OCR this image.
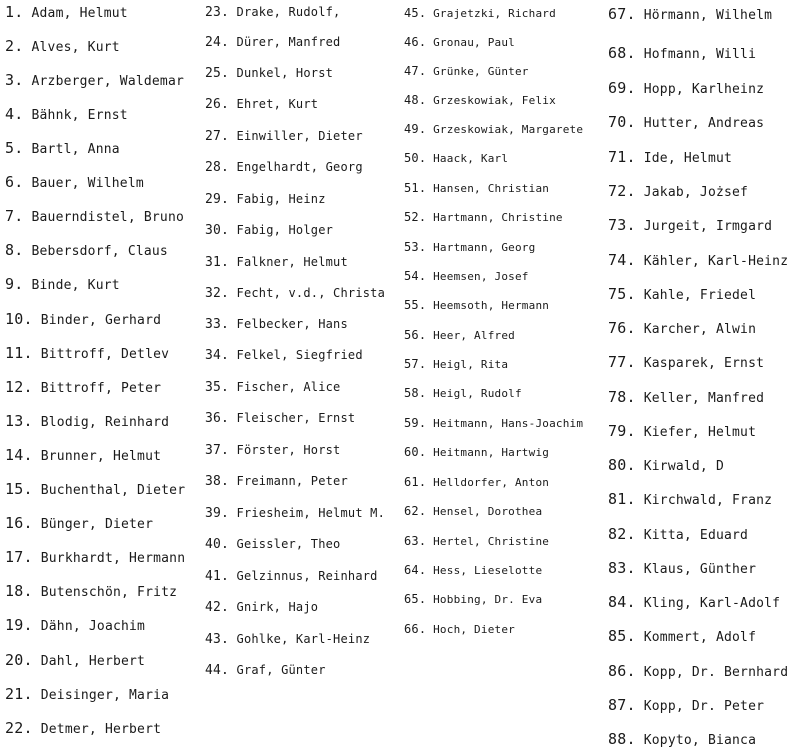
1. Adam, Helmut
2. Alves, Kurt
3. Arzberger, Waldemar
4. Bähnk, Ernst
5. Bartl, Anna
6. Bauer, Wilhelm
7. Bauerndistel, Bruno
8. Bebersdorf, Claus
9. Binde, Kurt
10. Binder, Gerhard
11. Bittroff, Detlev
12. Bittroff, Peter
13. Blodig, Reinhard
14. Brunner, Helmut
15. Buchenthal, Dieter
16. Bünger, Dieter
17. Burkhardt, Hermann
18. Butenschön, Fritz
19. Dähn, Joachim
20. Dahl, Herbert
21. Deisinger, Maria
22. Detmer, Herbert
23. Drake, Rudolf,
24. Dürer, Manfred
25. Dunkel, Horst
26. Ehret, Kurt
27. Einwiller, Dieter
28. Engelhardt, Georg
29. Fabig, Heinz
30. Fabig, Holger
31. Falkner, Helmut
32. Fecht, v.d., Christa
33. Felbecker, Hans
34. Felkel, Siegfried
35. Fischer, Alice
36. Fleischer, Ernst
37. Förster, Horst
38. Freimann, Peter
39. Friesheim, Helmut M.
40. Geissler, Theo
41. Gelzinnus, Reinhard
42. Gnirk, Hajo
43. Gohlke, Karl-Heinz
44. Graf, Günter
45. Grajetzki, Richard
46. Gronau, Paul
47. Grünke, Günter
48. Grzeskowiak, Felix
49. Grzeskowiak, Margarete
50. Haack, Karl
51. Hansen, Christian
52. Hartmann, Christine
53. Hartmann, Georg
54. Heemsen, Josef
55. Heemsoth, Hermann
56. Heer, Alfred
57. Heigl, Rita
58. Heigl, Rudolf
59. Heitmann, Hans-Joachim
60. Heitmann, Hartwig
61. Helldorfer, Anton
62. Hensel, Dorothea
63. Hertel, Christine
64. Hess, Lieselotte
65. Hobbing, Dr. Eva
66. Hoch, Dieter
67. Hörmann, Wilhelm
68. Hofmann, Willi
69. Hopp, Karlheinz
70. Hutter, Andreas
71. Ide, Helmut
72. Jakab, Jożsef
73. Jurgeit, Irmgard
74. Kähler, Karl-Heinz
75. Kahle, Friedel
76. Karcher, Alwin
77. Kasparek, Ernst
78. Keller, Manfred
79. Kiefer, Helmut
80. Kirwald, D
81. Kirchwald, Franz
82. Kitta, Eduard
83. Klaus, Günther
84. Kling, Karl-Adolf
85. Kommert, Adolf
86. Kopp, Dr. Bernhard
87. Kopp, Dr. Peter
88. Kopyto, Bianca
